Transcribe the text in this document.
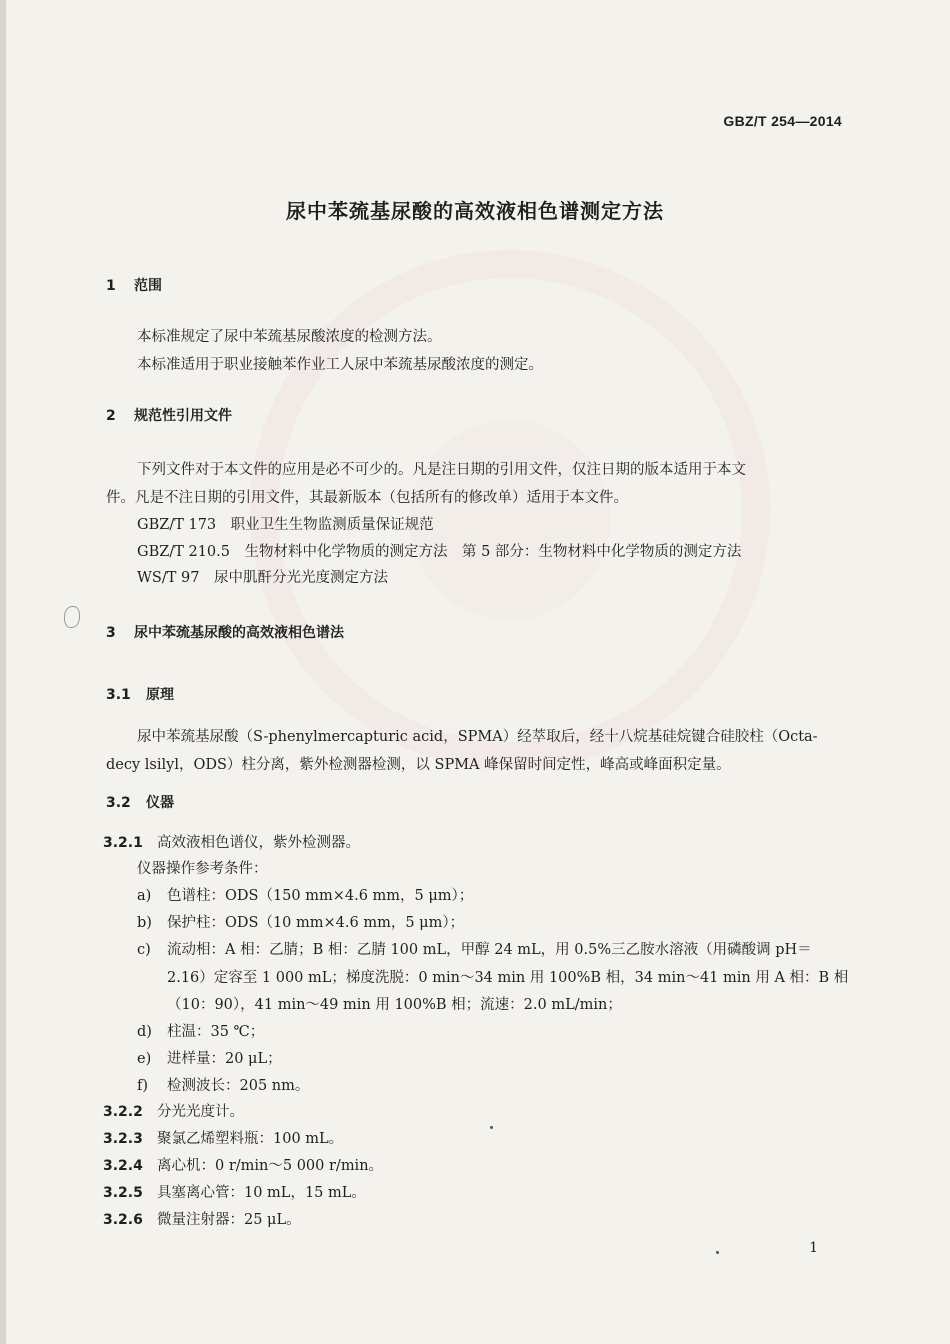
GBZ/T 254—2014
尿中苯巯基尿酸的高效液相色谱测定方法
1 范围
本标准规定了尿中苯巯基尿酸浓度的检测方法。
本标准适用于职业接触苯作业工人尿中苯巯基尿酸浓度的测定。
2 规范性引用文件
下列文件对于本文件的应用是必不可少的。凡是注日期的引用文件，仅注日期的版本适用于本文
件。凡是不注日期的引用文件，其最新版本（包括所有的修改单）适用于本文件。
GBZ/T 173　职业卫生生物监测质量保证规范
GBZ/T 210.5　生物材料中化学物质的测定方法　第 5 部分：生物材料中化学物质的测定方法
WS/T 97　尿中肌酐分光光度测定方法
3 尿中苯巯基尿酸的高效液相色谱法
3.1 原理
尿中苯巯基尿酸（S-phenylmercapturic acid，SPMA）经萃取后，经十八烷基硅烷键合硅胶柱（Octa-
decy lsilyl，ODS）柱分离，紫外检测器检测，以 SPMA 峰保留时间定性，峰高或峰面积定量。
3.2 仪器
3.2.1 高效液相色谱仪，紫外检测器。
仪器操作参考条件：
a) 色谱柱：ODS（150 mm×4.6 mm，5 μm）；
b) 保护柱：ODS（10 mm×4.6 mm，5 μm）；
c) 流动相：A 相：乙腈；B 相：乙腈 100 mL，甲醇 24 mL，用 0.5%三乙胺水溶液（用磷酸调 pH＝
2.16）定容至 1 000 mL；梯度洗脱：0 min～34 min 用 100%B 相，34 min～41 min 用 A 相：B 相
（10：90），41 min～49 min 用 100%B 相；流速：2.0 mL/min；
d) 柱温：35 ℃；
e) 进样量：20 μL；
f) 检测波长：205 nm。
3.2.2 分光光度计。
3.2.3 聚氯乙烯塑料瓶：100 mL。
3.2.4 离心机：0 r/min～5 000 r/min。
3.2.5 具塞离心管：10 mL，15 mL。
3.2.6 微量注射器：25 μL。
1
